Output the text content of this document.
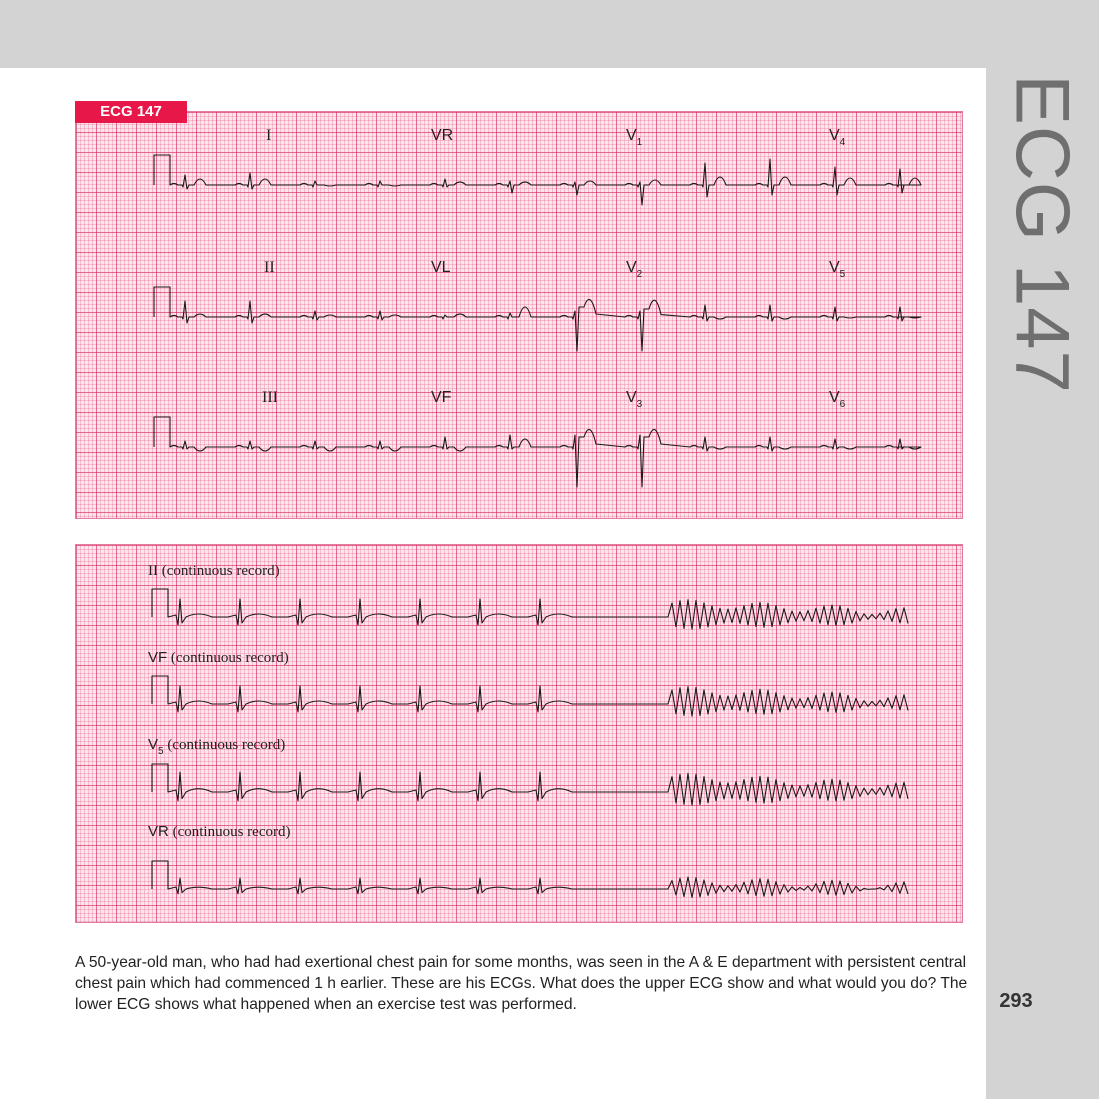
ECG 147
293
ECG 147
I	VR	$V_1$	$V_4$
II	VL	$V_2$	$V_5$
III	VF	$V_3$	$V_6$
II (continuous record)
VF (continuous record)
$V_5$ (continuous record)
VR (continuous record)
A 50-year-old man, who had had exertional chest pain for some months, was seen in the A & E department with persistent central chest pain which had commenced 1 h earlier. These are his ECGs. What does the upper ECG show and what would you do? The lower ECG shows what happened when an exercise test was performed.
